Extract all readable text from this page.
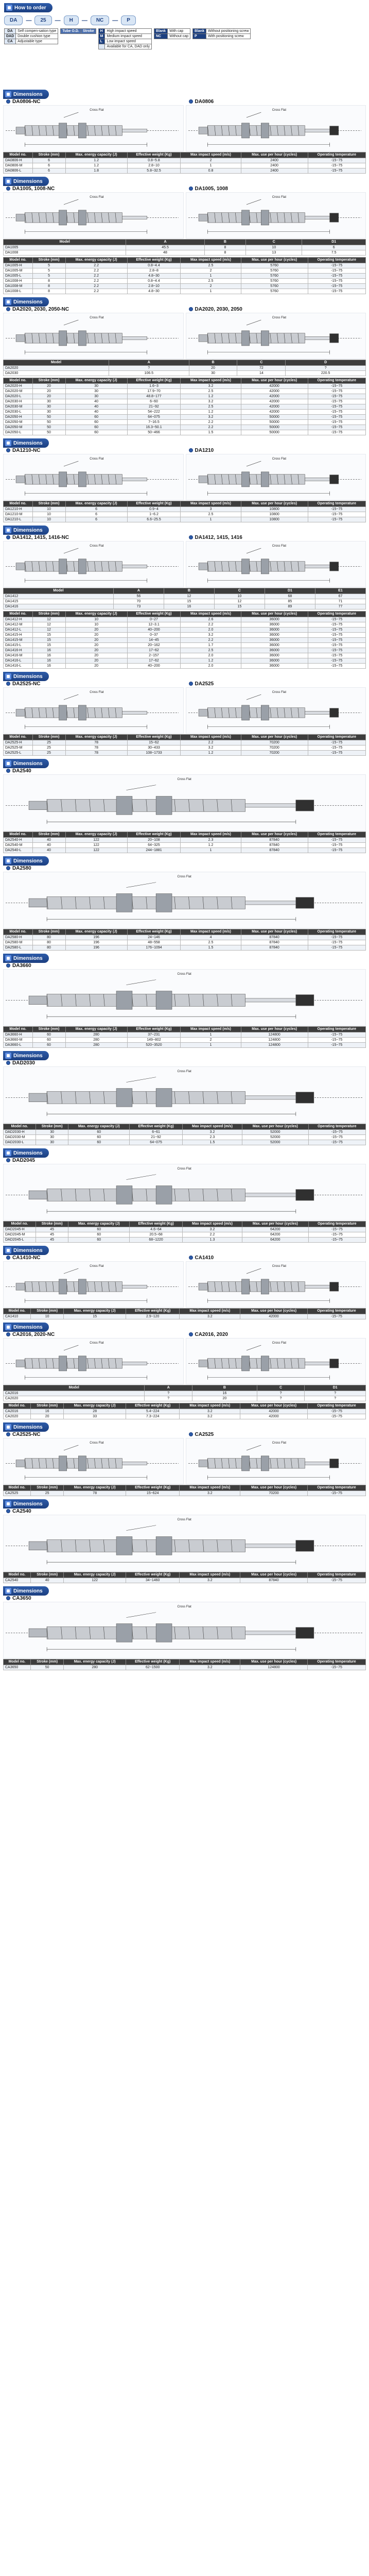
How to order
DA	—	25	—	H	—	NC	—	P
DA	Self compen-sation type
DAD	Double cushion type
CA	Adjustable type
Tube O.D.	Stroke H	High impact speed
M	Medium impact speed
L	Low impact speed
	Available for CA, DAD only
Blank	With cap
NC	Without cap
Blank	Without positioning screw
P	With positioning screw
Dimensions
DA0806-NC
Cross Flat
DA0806
Cross Flat
Model no.	Stroke (mm)	Max. energy capacity (J)	Effective weight (Kg)	Max impact speed (m/s)	Max. use per hour (cycles)	Operating temperature
DA0806-H	6	1.2	0.8~5.8	2	2400	-15~75
DA0806-M	6	1.2	2.8~10	1	2400	-15~75
DA0806-L	6	1.8	5.8~32.5	0.8	2400	-15~75
Dimensions
DA1005, 1008-NC
Cross Flat
DA1005, 1008
Cross Flat
Model	A	B	C	D1
DA1005	45.5	8	10	6
DA1008	48	8	13	7.5
Model no.	Stroke (mm)	Max. energy capacity (J)	Effective weight (Kg)	Max impact speed (m/s)	Max. use per hour (cycles)	Operating temperature
DA1005-H	5	2.2	0.8~4.4	2.5	5760	-15~75
DA1005-M	5	2.2	2.8~8	2	5760	-15~75
DA1005-L	5	2.2	4.8~30	1	5760	-15~75
DA1008-H	8	2.2	0.8~4.4	2.5	5760	-15~75
DA1008-M	8	2.2	2.8~10	2	5760	-15~75
DA1008-L	8	2.2	4.8~30	1	5760	-15~75
Dimensions
DA2020, 2030, 2050-NC
Cross Flat
DA2020, 2030, 2050
Cross Flat
Model	A	B	C	D
DA2020	?	20	72	?
DA2030	106.5	30	14	220.5
Model no.	Stroke (mm)	Max. energy capacity (J)	Effective weight (Kg)	Max impact speed (m/s)	Max. use per hour (cycles)	Operating temperature
DA2020-H	20	30	1.6~3	3.2	42000	-15~75
DA2020-M	20	30	17.9~70	2.5	42000	-15~75
DA2020-L	20	30	48.8~177	1.2	42000	-15~75
DA2030-H	30	40	6~60	3.2	42000	-15~75
DA2030-M	30	40	21~92	2.5	42000	-15~75
DA2030-L	30	40	54~222	1.2	42000	-15~75
DA2050-H	50	60	64~075	3.2	50000	-15~75
DA2050-M	50	60	7~16.5	2.2	50000	-15~75
DA2050-M	50	60	16.3~50.1	2.2	50000	-15~75
DA2050-L	50	60	50~466	1.5	50000	-15~75
Dimensions
DA1210-NC
Cross Flat
DA1210
Cross Flat
Model no.	Stroke (mm)	Max. energy capacity (J)	Effective weight (Kg)	Max impact speed (m/s)	Max. use per hour (cycles)	Operating temperature
DA1210-H	10	6	0.9~4	3	10800	-15~75
DA1210-M	10	6	1~6.2	2.5	10800	-15~75
DA1210-L	10	6	6.6~25.5	1	10800	-15~75
Dimensions
DA1412, 1415, 1416-NC
Cross Flat
DA1412, 1415, 1416
Cross Flat
Model	A	B	C	D1	E1
DA1412	56	12	10	68	67
DA1415	70	15	12	85	71
DA1416	73	16	15	89	77
Model no.	Stroke (mm)	Max. energy capacity (J)	Effective weight (Kg)	Max impact speed (m/s)	Max. use per hour (cycles)	Operating temperature
DA1412-H	12	10	0~27	2.6	36000	-15~75
DA1412-M	12	10	12~3.1	2.2	36000	-15~75
DA1412-L	12	20	40~200	2.0	36000	-15~75
DA1415-H	15	20	0~37	3.2	36000	-15~75
DA1415-M	15	20	14~45	2.2	36000	-15~75
DA1415-L	15	20	20~162	1.7	36000	-15~75
DA1416-H	16	20	17~62	2.5	36000	-15~75
DA1416-M	16	20	2~157	2.0	36000	-15~75
DA1416-L	16	20	17~62	1.2	36000	-15~75
DA1416-L	16	20	40~200	2.0	36000	-15~75
Dimensions
DA2525-NC
Cross Flat
DA2525
Cross Flat
Model no.	Stroke (mm)	Max. energy capacity (J)	Effective weight (Kg)	Max impact speed (m/s)	Max. use per hour (cycles)	Operating temperature
DA2525-H	25	78	15~62	2.2	70200	-15~75
DA2525-M	25	78	30~433	3.2	70200	-15~75
DA2525-L	25	78	108~1733	1.2	70200	-15~75
Dimensions
DA2540
Cross Flat
Model no.	Stroke (mm)	Max. energy capacity (J)	Effective weight (Kg)	Max impact speed (m/s)	Max. use per hour (cycles)	Operating temperature
DA2540-H	40	122	20~108	2.3	87840	-15~75
DA2540-M	40	122	64~325	1.2	87840	-15~75
DA2540-L	40	122	244~1881	1	87840	-15~75
Dimensions
DA2580
Cross Flat
Model no.	Stroke (mm)	Max. energy capacity (J)	Effective weight (Kg)	Max impact speed (m/s)	Max. use per hour (cycles)	Operating temperature
DA2580-H	80	196	24~146	4	87840	-15~75
DA2580-M	80	196	48~558	2.5	87840	-15~75
DA2580-L	80	196	176~1094	1.5	87840	-15~75
Dimensions
DA3660
Cross Flat
Model no.	Stroke (mm)	Max. energy capacity (J)	Effective weight (Kg)	Max impact speed (m/s)	Max. use per hour (cycles)	Operating temperature
DA3660-H	60	280	37~231	1	124800	-15~75
DA3660-M	60	280	149~802	2	124800	-15~75
DA3660-L	60	280	520~3520	1	124800	-15~75
Dimensions
DAD2030
Cross Flat
Model no.	Stroke (mm)	Max. energy capacity (J)	Effective weight (Kg)	Max impact speed (m/s)	Max. use per hour (cycles)	Operating temperature
DAD2030-H	30	60	6~61	3.2	52000	-15~75
DAD2030-M	30	60	21~92	2.3	52000	-15~75
DAD2030-L	30	60	64~075	1.5	52000	-15~75
Dimensions
DAD2045
Cross Flat
Model no.	Stroke (mm)	Max. energy capacity (J)	Effective weight (Kg)	Max impact speed (m/s)	Max. use per hour (cycles)	Operating temperature
DAD2045-H	45	60	4.6~64	3.2	64200	-15~75
DAD2045-M	45	60	20.5~68	2.2	64200	-15~75
DAD2045-L	45	60	68~1220	1.3	64200	-15~75
Dimensions
CA1410-NC
Cross Flat
CA1410
Cross Flat
Model no.	Stroke (mm)	Max. energy capacity (J)	Effective weight (Kg)	Max impact speed (m/s)	Max. use per hour (cycles)	Operating temperature
CA1410	10	15	2.9~120	3.2	42000	-15~75
Dimensions
CA2016, 2020-NC
Cross Flat
CA2016, 2020
Cross Flat
Model	A	B	C	D1
CA2016	?	16	?	?
CA2020	?	20	?	?
Model no.	Stroke (mm)	Max. energy capacity (J)	Effective weight (Kg)	Max impact speed (m/s)	Max. use per hour (cycles)	Operating temperature
CA2016	16	28	5.4~224	3.2	42000	-15~75
CA2020	20	33	7.3~224	3.2	42000	-15~75
Dimensions
CA2525-NC
Cross Flat
CA2525
Cross Flat
Model no.	Stroke (mm)	Max. energy capacity (J)	Effective weight (Kg)	Max impact speed (m/s)	Max. use per hour (cycles)	Operating temperature
CA2525	25	78	15~624	3.2	70200	-15~75
Dimensions
CA2540
Cross Flat
Model no.	Stroke (mm)	Max. energy capacity (J)	Effective weight (Kg)	Max impact speed (m/s)	Max. use per hour (cycles)	Operating temperature
CA2540	40	122	34~1460	3.2	87840	-15~75
Dimensions
CA3650
Cross Flat
Model no.	Stroke (mm)	Max. energy capacity (J)	Effective weight (Kg)	Max impact speed (m/s)	Max. use per hour (cycles)	Operating temperature
CA3650	50	280	62~1500	3.2	124800	-15~75
